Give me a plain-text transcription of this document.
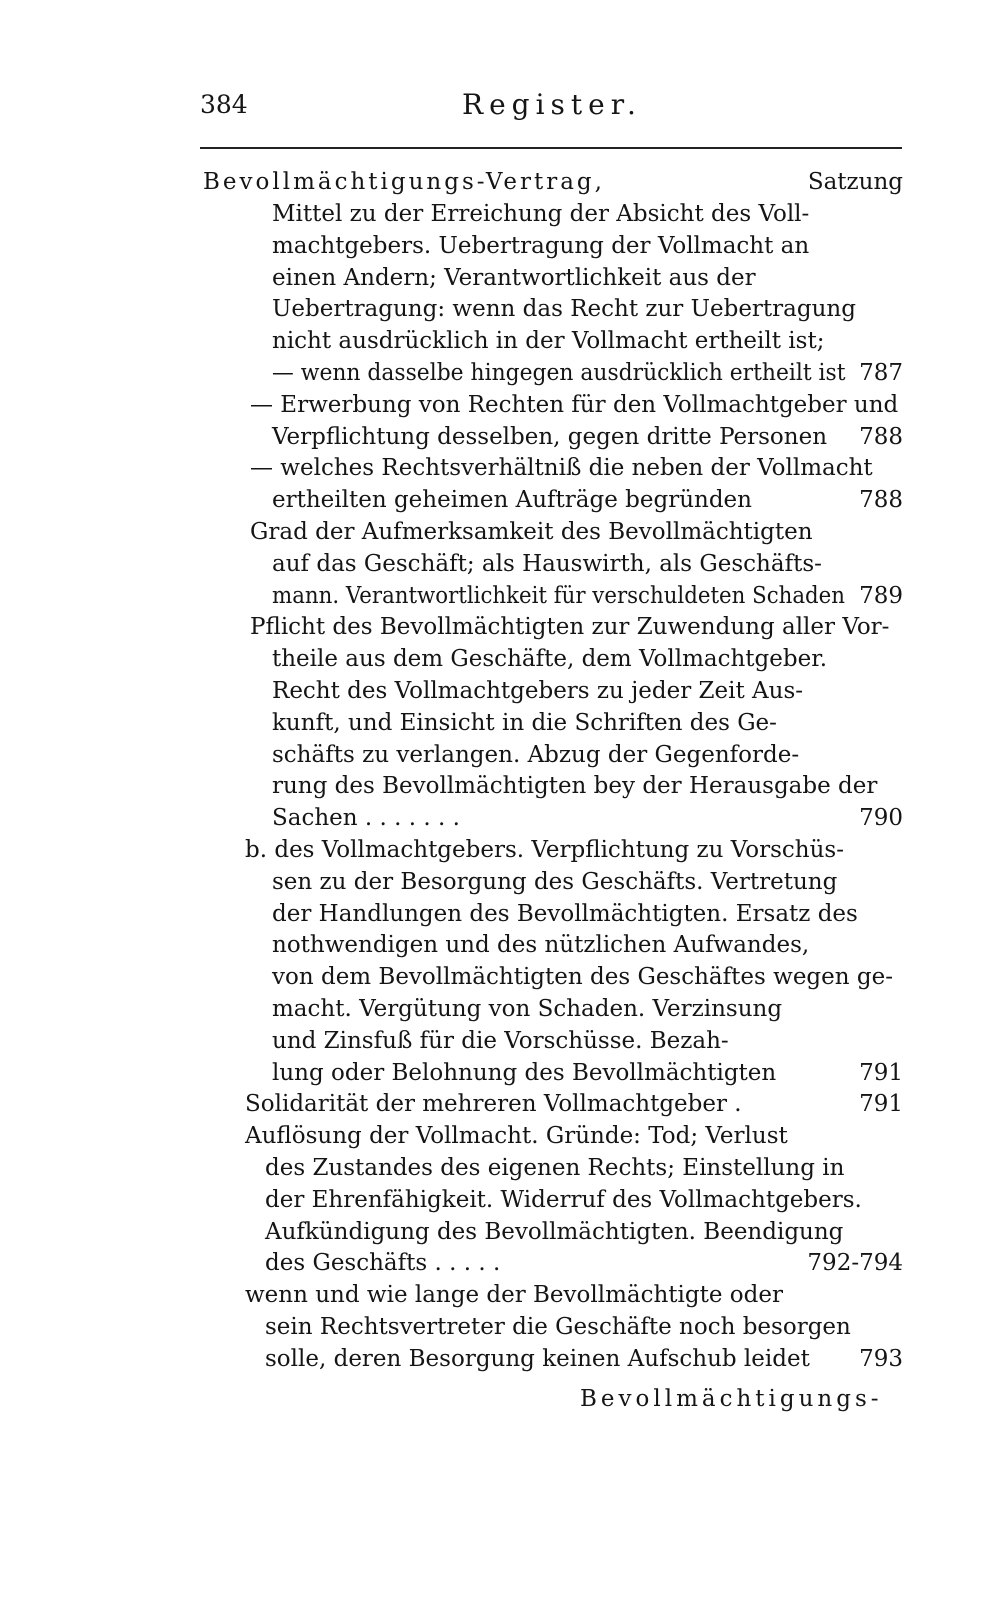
384	Register.
Bevollmächtigungs-Vertrag,	Satzung
Mittel zu der Erreichung der Absicht des Voll-
machtgebers. Uebertragung der Vollmacht an
einen Andern; Verantwortlichkeit aus der
Uebertragung: wenn das Recht zur Uebertragung
nicht ausdrücklich in der Vollmacht ertheilt ist;
— wenn dasselbe hingegen ausdrücklich ertheilt ist 787
— Erwerbung von Rechten für den Vollmachtgeber und
Verpflichtung desselben, gegen dritte Personen 788
— welches Rechtsverhältniß die neben der Vollmacht
ertheilten geheimen Aufträge begründen	788
Grad der Aufmerksamkeit des Bevollmächtigten
auf das Geschäft; als Hauswirth, als Geschäfts-
mann. Verantwortlichkeit für verschuldeten Schaden 789
Pflicht des Bevollmächtigten zur Zuwendung aller Vor-
theile aus dem Geschäfte, dem Vollmachtgeber.
Recht des Vollmachtgebers zu jeder Zeit Aus-
kunft, und Einsicht in die Schriften des Ge-
schäfts zu verlangen. Abzug der Gegenforde-
rung des Bevollmächtigten bey der Herausgabe der
Sachen . . . . . . .	790
b. des Vollmachtgebers. Verpflichtung zu Vorschüs-
sen zu der Besorgung des Geschäfts. Vertretung
der Handlungen des Bevollmächtigten. Ersatz des
nothwendigen und des nützlichen Aufwandes,
von dem Bevollmächtigten des Geschäftes wegen ge-
macht. Vergütung von Schaden. Verzinsung
und Zinsfuß für die Vorschüsse. Bezah-
lung oder Belohnung des Bevollmächtigten	791
Solidarität der mehreren Vollmachtgeber .	791
Auflösung der Vollmacht. Gründe: Tod; Verlust
des Zustandes des eigenen Rechts; Einstellung in
der Ehrenfähigkeit. Widerruf des Vollmachtgebers.
Aufkündigung des Bevollmächtigten. Beendigung
des Geschäfts . . . . .	792-794
wenn und wie lange der Bevollmächtigte oder
sein Rechtsvertreter die Geschäfte noch besorgen
solle, deren Besorgung keinen Aufschub leidet 793
Bevollmächtigungs-
